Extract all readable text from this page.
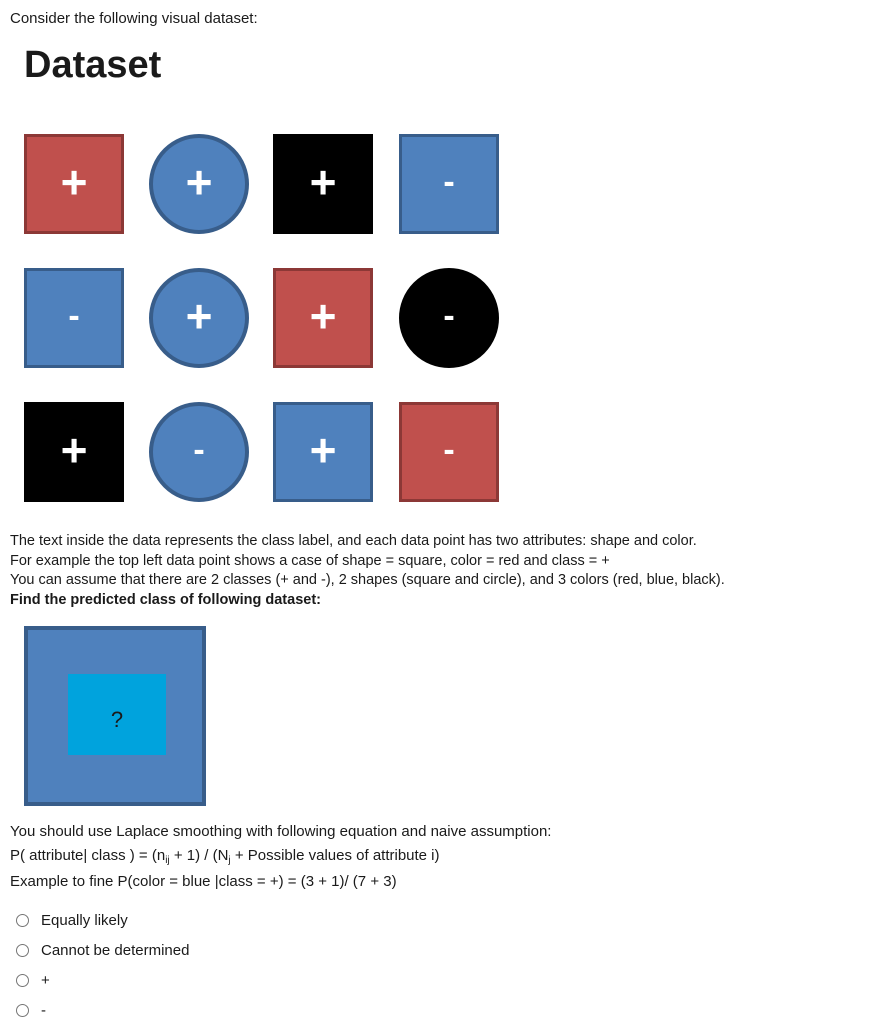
Consider the following visual dataset:
Dataset
+ + +	-
- + +	-
+	- +	-

The text inside the data represents the class label, and each data point has two attributes: shape and color.

For example the top left data point shows a case of shape = square, color = red and class = +

You can assume that there are 2 classes (+ and -), 2 shapes (square and circle), and 3 colors (red, blue, black).

Find the predicted class of following dataset:

?

You should use Laplace smoothing with following equation and naive assumption:

P( attribute| class ) = $(n_{ij} + 1) / (N_j$ + Possible values of attribute i)

Example to fine P(color = blue |class = +) = (3 + 1)/ (7 + 3)

Equally likely
Cannot be determined
+
-
